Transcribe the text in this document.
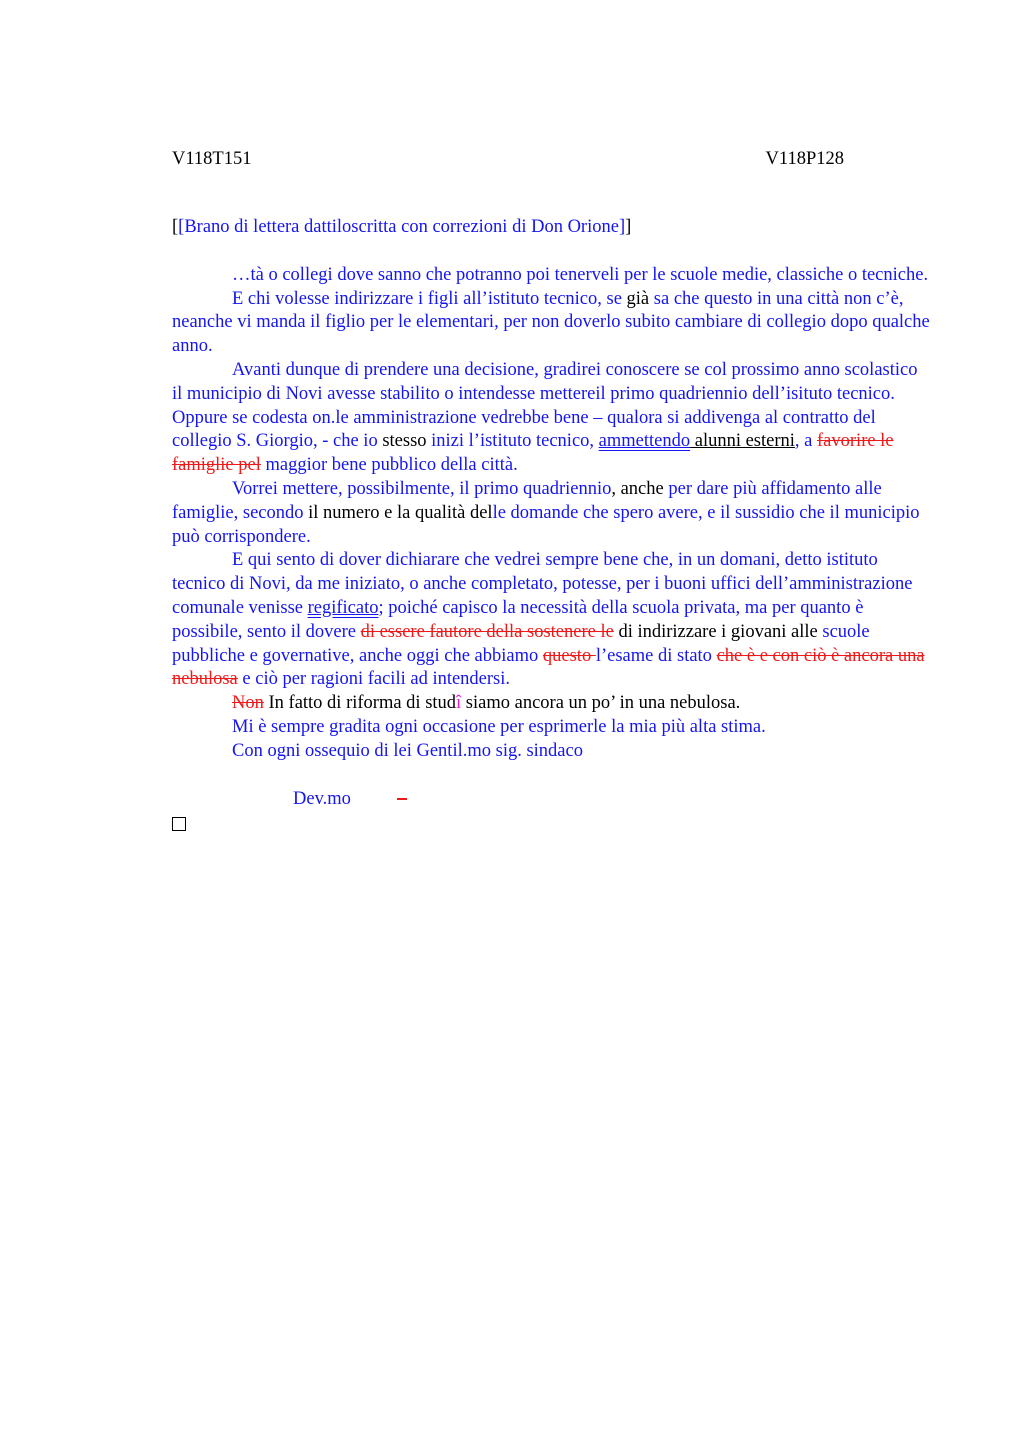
V118T151	V118P128

[[Brano di lettera dattiloscritta con correzioni di Don Orione]]

…tà o collegi dove sanno che potranno poi tenerveli per le scuole medie, classiche o tecniche.

E chi volesse indirizzare i figli all’istituto tecnico, se già sa che questo in una città non c’è, neanche vi manda il figlio per le elementari, per non doverlo subito cambiare di collegio dopo qualche anno.

Avanti dunque di prendere una decisione, gradirei conoscere se col prossimo anno scolastico il municipio di Novi avesse stabilito o intendesse mettereil primo quadriennio dell’isituto tecnico. Oppure se codesta on.le amministrazione vedrebbe bene – qualora si addivenga al contratto del collegio S. Giorgio, - che io stesso inizi l’istituto tecnico, ammettendo alunni esterni, a favorire le famiglie pel maggior bene pubblico della città.

Vorrei mettere, possibilmente, il primo quadriennio, anche per dare più affidamento alle famiglie, secondo il numero e la qualità delle domande che spero avere, e il sussidio che il municipio può corrispondere.

E qui sento di dover dichiarare che vedrei sempre bene che, in un domani, detto istituto tecnico di Novi, da me iniziato, o anche completato, potesse, per i buoni uffici dell’amministrazione comunale venisse regificato; poiché capisco la necessità della scuola privata, ma per quanto è possibile, sento il dovere di essere fautore della sostenere le di indirizzare i giovani alle scuole pubbliche e governative, anche oggi che abbiamo questo l’esame di stato che è e con ciò è ancora una nebulosa e ciò per ragioni facili ad intendersi.

Non In fatto di riforma di studî siamo ancora un po’ in una nebulosa.

Mi è sempre gradita ogni occasione per esprimerle la mia più alta stima.

Con ogni ossequio di lei Gentil.mo sig. sindaco

Dev.mo
